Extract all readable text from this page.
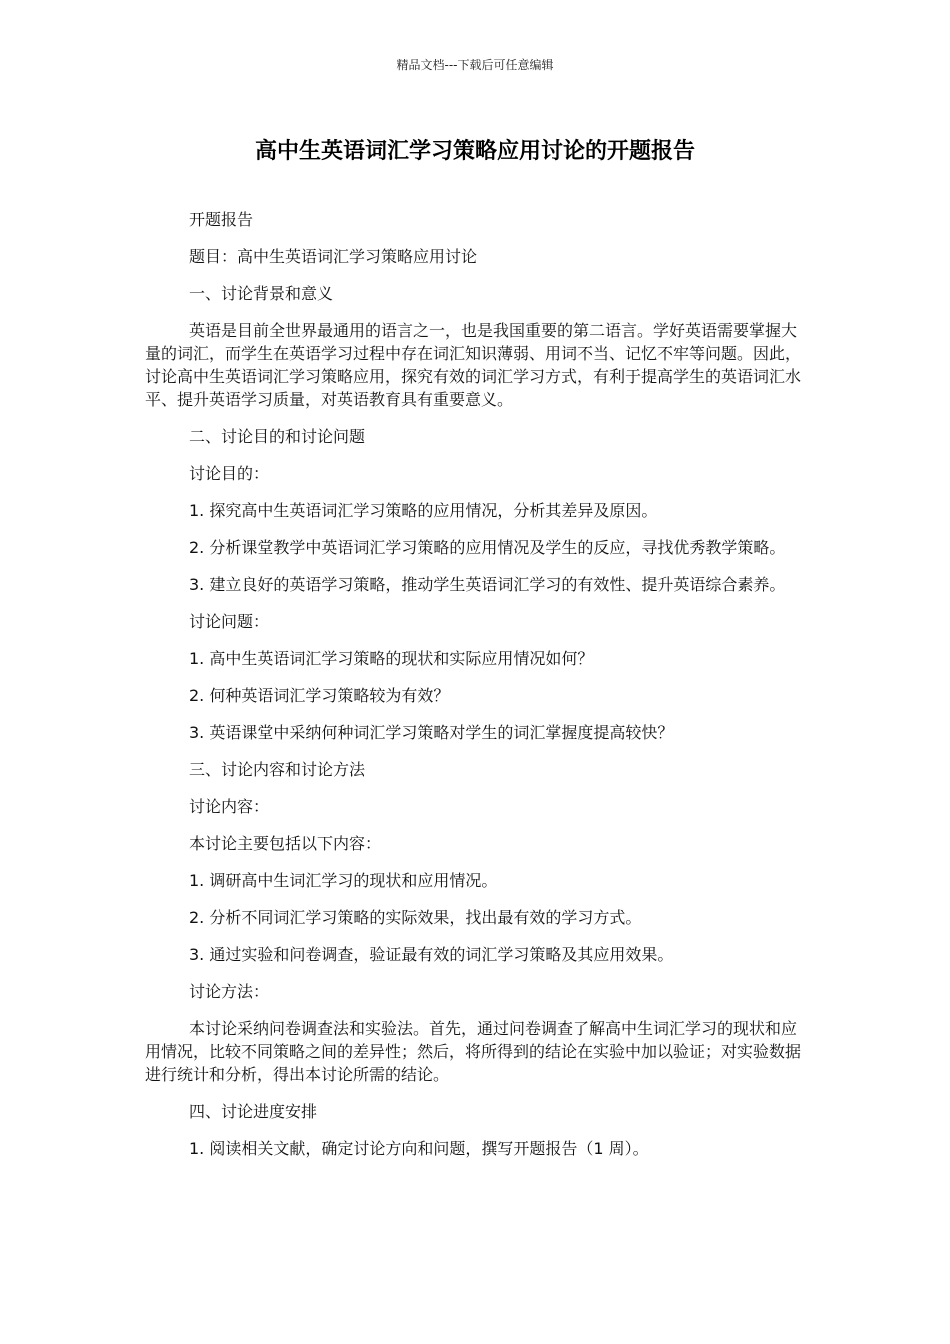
精品文档---下载后可任意编辑
高中生英语词汇学习策略应用讨论的开题报告

开题报告

题目：高中生英语词汇学习策略应用讨论

一、讨论背景和意义

英语是目前全世界最通用的语言之一，也是我国重要的第二语言。学好英语需要掌握大量的词汇，而学生在英语学习过程中存在词汇知识薄弱、用词不当、记忆不牢等问题。因此，讨论高中生英语词汇学习策略应用，探究有效的词汇学习方式，有利于提高学生的英语词汇水平、提升英语学习质量，对英语教育具有重要意义。

二、讨论目的和讨论问题

讨论目的：

1. 探究高中生英语词汇学习策略的应用情况，分析其差异及原因。

2. 分析课堂教学中英语词汇学习策略的应用情况及学生的反应，寻找优秀教学策略。

3. 建立良好的英语学习策略，推动学生英语词汇学习的有效性、提升英语综合素养。

讨论问题：

1. 高中生英语词汇学习策略的现状和实际应用情况如何？

2. 何种英语词汇学习策略较为有效？

3. 英语课堂中采纳何种词汇学习策略对学生的词汇掌握度提高较快？

三、讨论内容和讨论方法

讨论内容：

本讨论主要包括以下内容：

1. 调研高中生词汇学习的现状和应用情况。

2. 分析不同词汇学习策略的实际效果，找出最有效的学习方式。

3. 通过实验和问卷调查，验证最有效的词汇学习策略及其应用效果。

讨论方法：

本讨论采纳问卷调查法和实验法。首先，通过问卷调查了解高中生词汇学习的现状和应用情况，比较不同策略之间的差异性；然后，将所得到的结论在实验中加以验证；对实验数据进行统计和分析，得出本讨论所需的结论。

四、讨论进度安排

1. 阅读相关文献，确定讨论方向和问题，撰写开题报告（1 周）。
